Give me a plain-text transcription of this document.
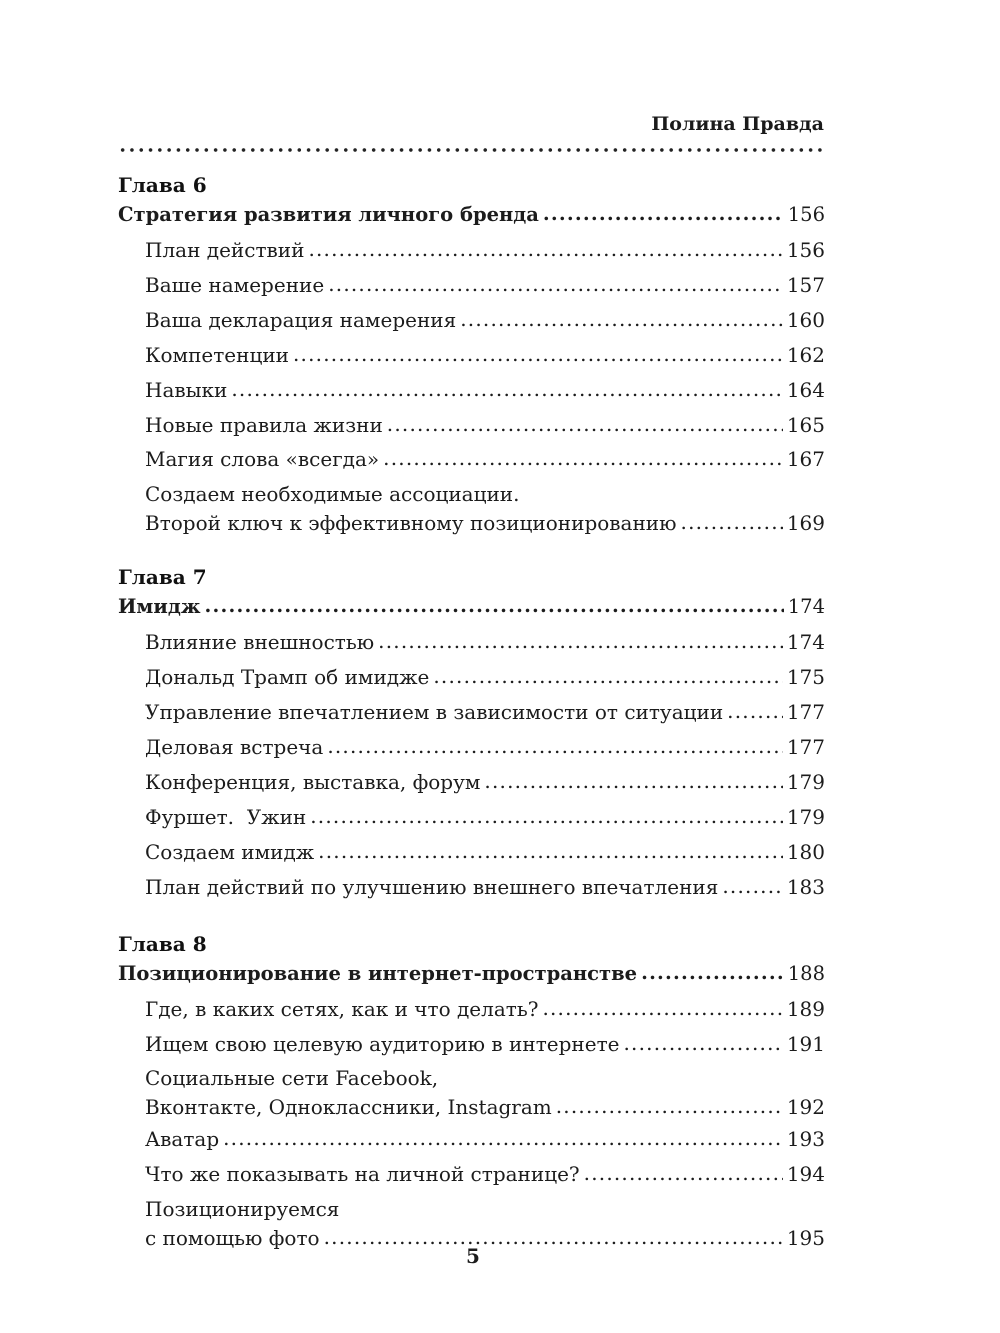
Полина Правда
Глава 6
Стратегия развития личного бренда .....	156
План действий .....	156
Ваше намерение .....	157
Ваша декларация намерения .....	160
Компетенции .....	162
Навыки .....	164
Новые правила жизни .....	165
Магия слова «всегда» .....	167
Создаем необходимые ассоциации.
Второй ключ к эффективному позиционированию .....	169
Глава 7
Имидж .....	174
Влияние внешностью .....	174
Дональд Трамп об имидже .....	175
Управление впечатлением в зависимости от ситуации .....	177
Деловая встреча .....	177
Конференция, выставка, форум .....	179
Фуршет.  Ужин .....	179
Создаем имидж .....	180
План действий по улучшению внешнего впечатления .....	183
Глава 8
Позиционирование в интернет-пространстве .....	188
Где, в каких сетях, как и что делать? .....	189
Ищем свою целевую аудиторию в интернете .....	191
Социальные сети Facebook,
Вконтакте, Одноклассники, Instagram .....	192
Аватар .....	193
Что же показывать на личной странице? .....	194
Позиционируемся
с помощью фото .....	195
5
